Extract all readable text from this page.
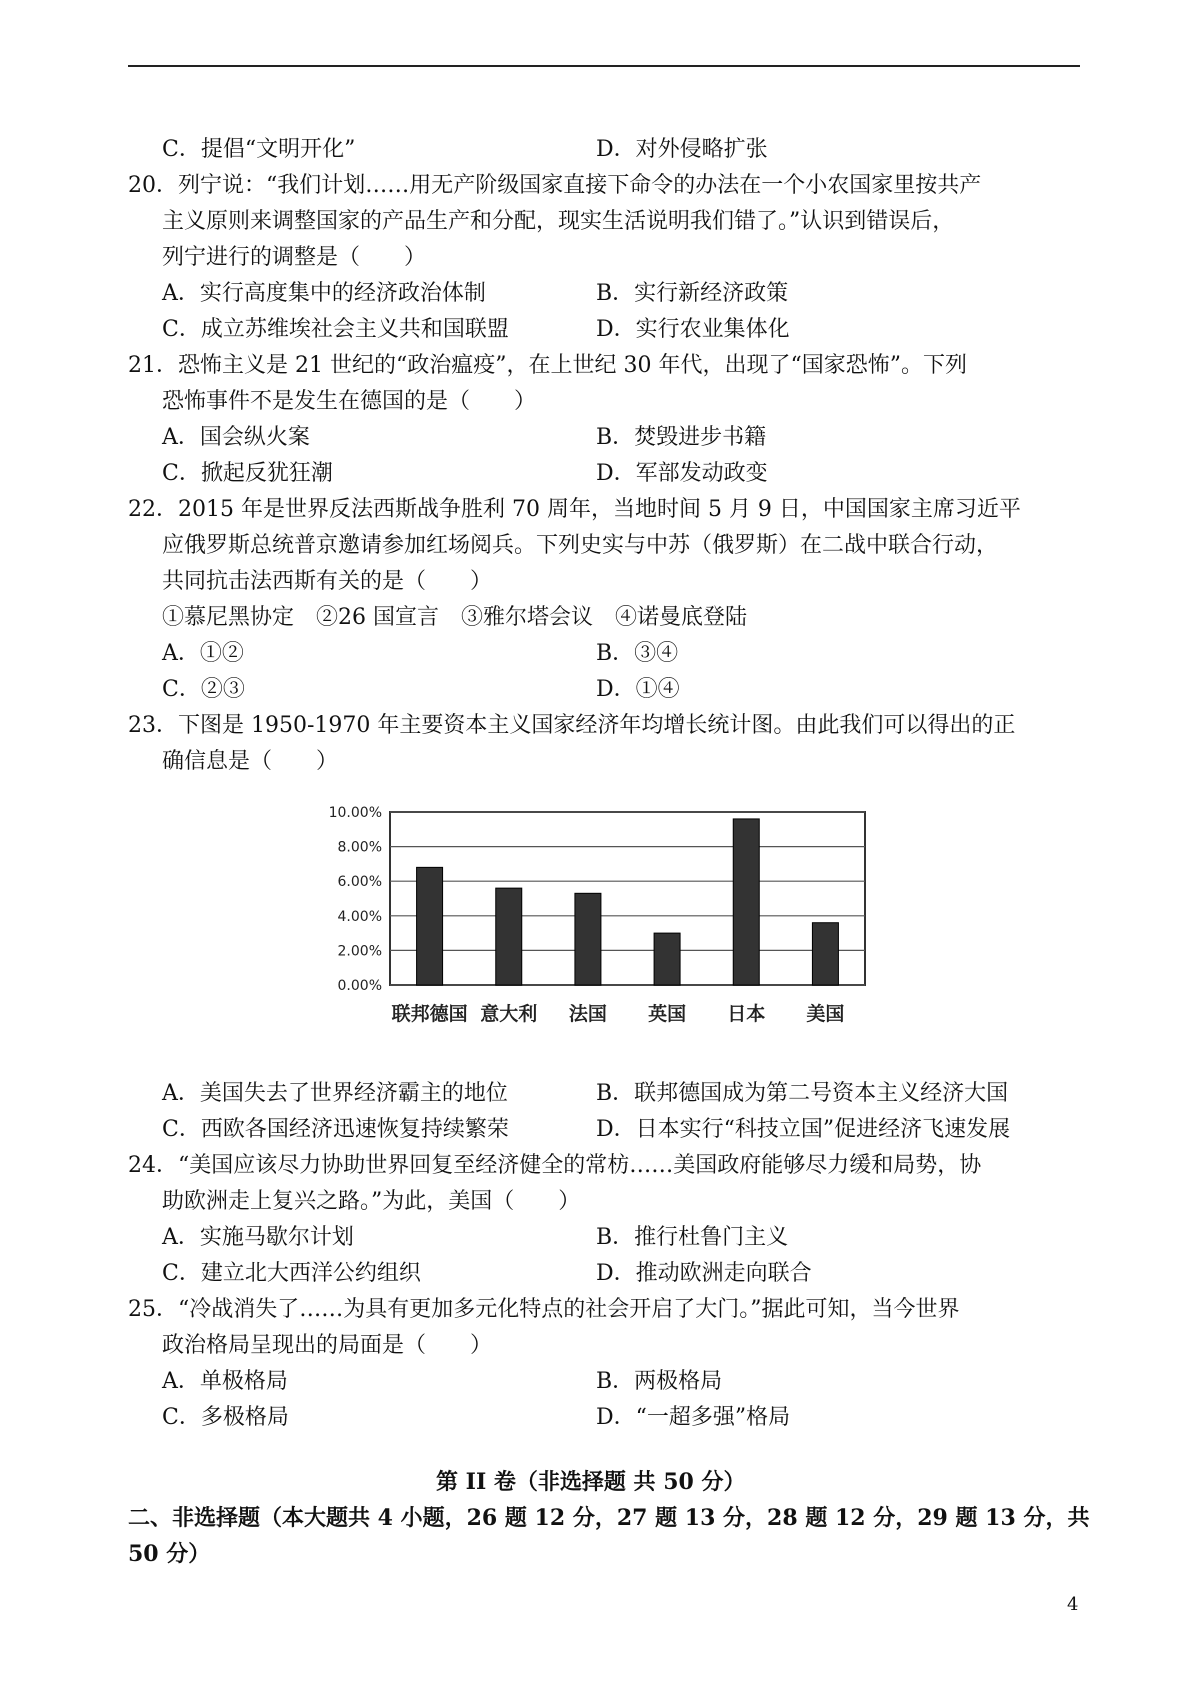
C．提倡“文明开化”	D．对外侵略扩张
20．列宁说：“我们计划……用无产阶级国家直接下命令的办法在一个小农国家里按共产
主义原则来调整国家的产品生产和分配，现实生活说明我们错了。”认识到错误后，
列宁进行的调整是（　　）
A．实行高度集中的经济政治体制	B．实行新经济政策
C．成立苏维埃社会主义共和国联盟	D．实行农业集体化
21．恐怖主义是 21 世纪的“政治瘟疫”，在上世纪 30 年代，出现了“国家恐怖”。下列
恐怖事件不是发生在德国的是（　　）
A．国会纵火案	B．焚毁进步书籍
C．掀起反犹狂潮	D．军部发动政变
22．2015 年是世界反法西斯战争胜利 70 周年，当地时间 5 月 9 日，中国国家主席习近平
应俄罗斯总统普京邀请参加红场阅兵。下列史实与中苏（俄罗斯）在二战中联合行动，
共同抗击法西斯有关的是（　　）
①慕尼黑协定　②26 国宣言　③雅尔塔会议　④诺曼底登陆
A．①②	B．③④
C．②③	D．①④
23．下图是 1950-1970 年主要资本主义国家经济年均增长统计图。由此我们可以得出的正
确信息是（　　）
0.00%
2.00%
4.00%
6.00%
8.00%
10.00%
联邦德国 意大利 法国 英国 日本 美国
A．美国失去了世界经济霸主的地位	B．联邦德国成为第二号资本主义经济大国
C．西欧各国经济迅速恢复持续繁荣	D．日本实行“科技立国”促进经济飞速发展
24．“美国应该尽力协助世界回复至经济健全的常枋……美国政府能够尽力缓和局势，协
助欧洲走上复兴之路。”为此，美国（　　）
A．实施马歇尔计划	B．推行杜鲁门主义
C．建立北大西洋公约组织	D．推动欧洲走向联合
25．“冷战消失了……为具有更加多元化特点的社会开启了大门。”据此可知，当今世界
政治格局呈现出的局面是（　　）
A．单极格局	B．两极格局
C．多极格局	D．“一超多强”格局
第 II 卷（非选择题 共 50 分）
二、非选择题（本大题共 4 小题，26 题 12 分，27 题 13 分，28 题 12 分，29 题 13 分，共
50 分）
4
